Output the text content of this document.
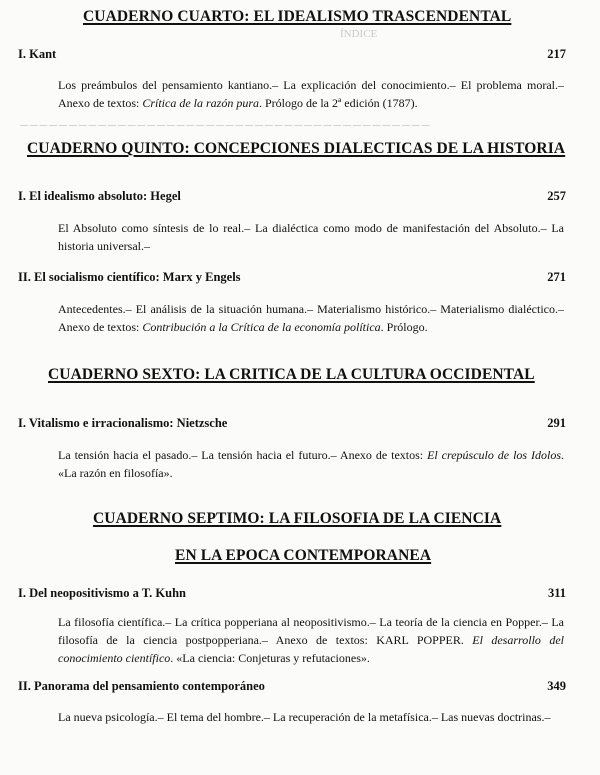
ÍNDICE
──────────────────────────────────────────
CUADERNO CUARTO: EL IDEALISMO TRASCENDENTAL
I. Kant	217
Los preámbulos del pensamiento kantiano.– La explicación del conocimiento.– El problema moral.– Anexo de textos: Crítica de la razón pura. Prólogo de la 2ª edición (1787).
CUADERNO QUINTO: CONCEPCIONES DIALECTICAS DE LA HISTORIA
I. El idealismo absoluto: Hegel	257
El Absoluto como síntesis de lo real.– La dialéctica como modo de manifestación del Absoluto.– La historia universal.–
II. El socialismo científico: Marx y Engels	271
Antecedentes.– El análisis de la situación humana.– Materialismo histórico.– Materialismo dialéctico.– Anexo de textos: Contribución a la Crítica de la economía política. Prólogo.
CUADERNO SEXTO: LA CRITICA DE LA CULTURA OCCIDENTAL
I. Vitalismo e irracionalismo: Nietzsche	291
La tensión hacia el pasado.– La tensión hacia el futuro.– Anexo de textos: El crepúsculo de los Idolos. «La razón en filosofía».
CUADERNO SEPTIMO: LA FILOSOFIA DE LA CIENCIA
EN LA EPOCA CONTEMPORANEA
I. Del neopositivismo a T. Kuhn	311
La filosofía científica.– La crítica popperiana al neopositivismo.– La teoría de la ciencia en Popper.– La filosofía de la ciencia postpopperiana.– Anexo de textos: KARL POPPER. El desarrollo del conocimiento científico. «La ciencia: Conjeturas y refutaciones».
II. Panorama del pensamiento contemporáneo	349
La nueva psicología.– El tema del hombre.– La recuperación de la metafísica.– Las nuevas doctrinas.–
